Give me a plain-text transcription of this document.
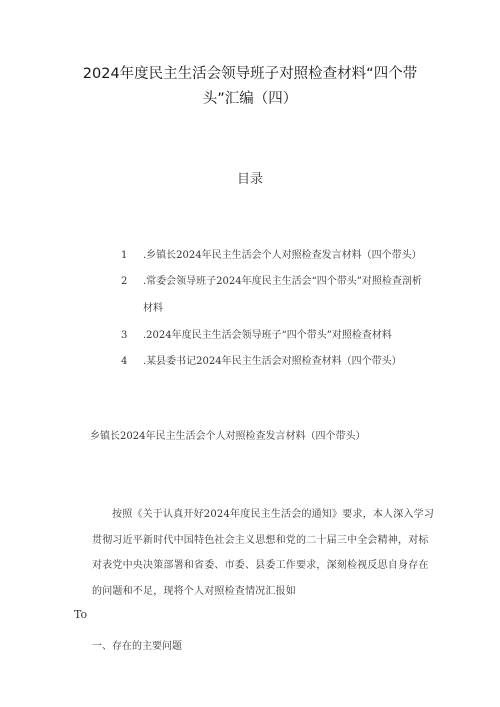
2024年度民主生活会领导班子对照检查材料“四个带
头”汇编（四）
目录
1 .乡镇长2024年民主生活会个人对照检查发言材料（四个带头）
2 .常委会领导班子2024年度民主生活会“四个带头”对照检查剖析
材料
3 .2024年度民主生活会领导班子“四个带头”对照检查材料
4 .某县委书记2024年民主生活会对照检查材料（四个带头）
乡镇长2024年民主生活会个人对照检查发言材料（四个带头）
按照《关于认真开好2024年度民主生活会的通知》要求，本人深入学习贯彻习近平新时代中国特色社会主义思想和党的二十届三中全会精神，对标对表党中央决策部署和省委、市委、县委工作要求，深刻检视反思自身存在的问题和不足，现将个人对照检查情况汇报如
To
一、存在的主要问题
